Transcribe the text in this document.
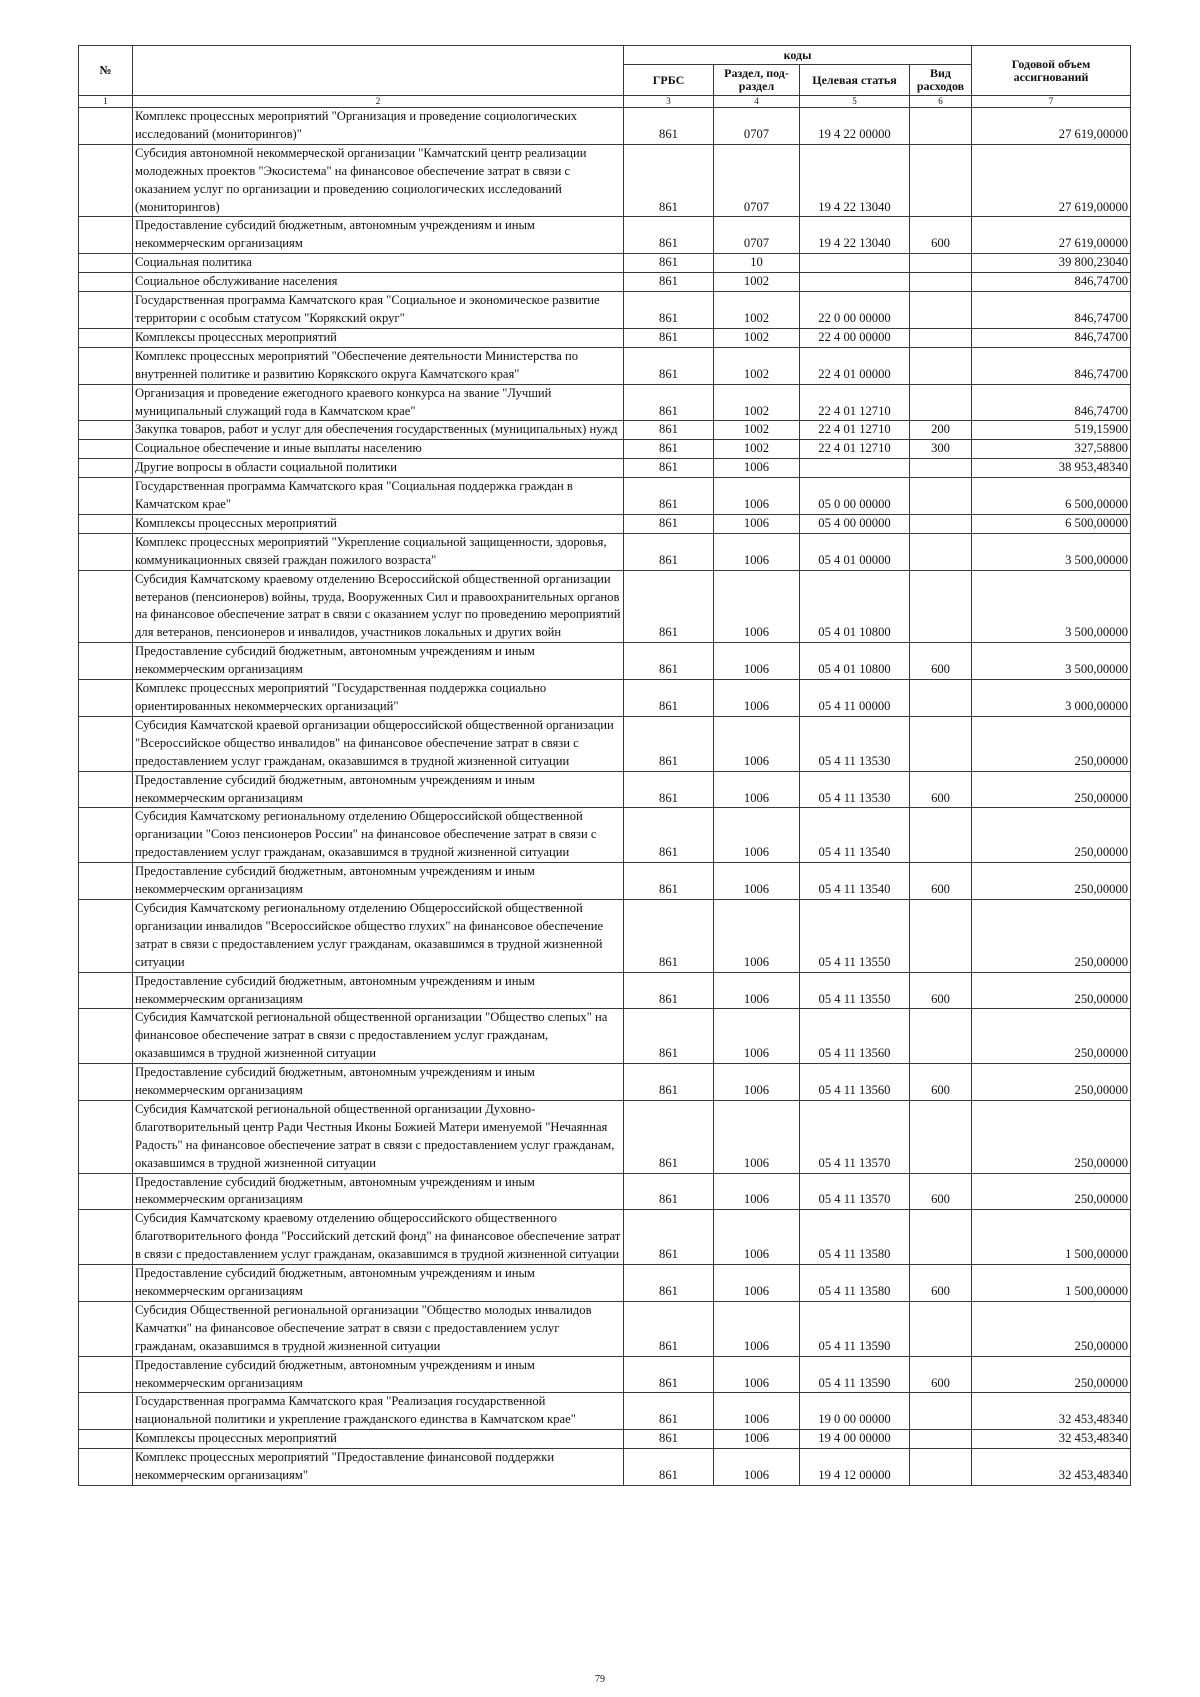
№		коды				Годовой объем ассигнований
		ГРБС	Раздел, под-раздел	Целевая статья	Вид расходов	
1	2	3	4	5	6	7
	Комплекс процессных мероприятий "Организация и проведение социологических исследований (мониторингов)"	861	0707	19 4 22 00000		27 619,00000
	Субсидия автономной некоммерческой организации "Камчатский центр реализации молодежных проектов "Экосистема" на финансовое обеспечение затрат в связи с оказанием услуг по организации и проведению социологических исследований (мониторингов)	861	0707	19 4 22 13040		27 619,00000
	Предоставление субсидий бюджетным, автономным учреждениям и иным некоммерческим организациям	861	0707	19 4 22 13040	600	27 619,00000
	Социальная политика	861	10			39 800,23040
	Социальное обслуживание населения	861	1002			846,74700
	Государственная программа Камчатского края "Социальное и экономическое развитие территории с особым статусом "Корякский округ"	861	1002	22 0 00 00000		846,74700
	Комплексы процессных мероприятий	861	1002	22 4 00 00000		846,74700
	Комплекс процессных мероприятий "Обеспечение деятельности Министерства по внутренней политике и развитию Корякского округа Камчатского края"	861	1002	22 4 01 00000		846,74700
	Организация и проведение ежегодного краевого конкурса на звание "Лучший муниципальный служащий года в Камчатском крае"	861	1002	22 4 01 12710		846,74700
	Закупка товаров, работ и услуг для обеспечения государственных (муниципальных) нужд	861	1002	22 4 01 12710	200	519,15900
	Социальное обеспечение и иные выплаты населению	861	1002	22 4 01 12710	300	327,58800
	Другие вопросы в области социальной политики	861	1006			38 953,48340
	Государственная программа Камчатского края "Социальная поддержка граждан в Камчатском крае"	861	1006	05 0 00 00000		6 500,00000
	Комплексы процессных мероприятий	861	1006	05 4 00 00000		6 500,00000
	Комплекс процессных мероприятий "Укрепление социальной защищенности, здоровья, коммуникационных связей граждан пожилого возраста"	861	1006	05 4 01 00000		3 500,00000
	Субсидия Камчатскому краевому отделению Всероссийской общественной организации ветеранов (пенсионеров) войны, труда, Вооруженных Сил и правоохранительных органов на финансовое обеспечение затрат в связи с оказанием услуг по проведению мероприятий для ветеранов, пенсионеров и инвалидов, участников локальных и других войн	861	1006	05 4 01 10800		3 500,00000
	Предоставление субсидий бюджетным, автономным учреждениям и иным некоммерческим организациям	861	1006	05 4 01 10800	600	3 500,00000
	Комплекс процессных мероприятий "Государственная поддержка социально ориентированных некоммерческих организаций"	861	1006	05 4 11 00000		3 000,00000
	Субсидия Камчатской краевой организации общероссийской общественной организации "Всероссийское общество инвалидов" на финансовое обеспечение затрат в связи с предоставлением услуг гражданам, оказавшимся в трудной жизненной ситуации	861	1006	05 4 11 13530		250,00000
	Предоставление субсидий бюджетным, автономным учреждениям и иным некоммерческим организациям	861	1006	05 4 11 13530	600	250,00000
	Субсидия Камчатскому региональному отделению Общероссийской общественной организации "Союз пенсионеров России" на финансовое обеспечение затрат в связи с предоставлением услуг гражданам, оказавшимся в трудной жизненной ситуации	861	1006	05 4 11 13540		250,00000
	Предоставление субсидий бюджетным, автономным учреждениям и иным некоммерческим организациям	861	1006	05 4 11 13540	600	250,00000
	Субсидия Камчатскому региональному отделению Общероссийской общественной организации инвалидов "Всероссийское общество глухих" на финансовое обеспечение затрат в связи с предоставлением услуг гражданам, оказавшимся в трудной жизненной ситуации	861	1006	05 4 11 13550		250,00000
	Предоставление субсидий бюджетным, автономным учреждениям и иным некоммерческим организациям	861	1006	05 4 11 13550	600	250,00000
	Субсидия Камчатской региональной общественной организации "Общество слепых" на финансовое обеспечение затрат в связи с предоставлением услуг гражданам, оказавшимся в трудной жизненной ситуации	861	1006	05 4 11 13560		250,00000
	Предоставление субсидий бюджетным, автономным учреждениям и иным некоммерческим организациям	861	1006	05 4 11 13560	600	250,00000
	Субсидия Камчатской региональной общественной организации Духовно-благотворительный центр Ради Честныя Иконы Божией Матери именуемой "Нечаянная Радость" на финансовое обеспечение затрат в связи с предоставлением услуг гражданам, оказавшимся в трудной жизненной ситуации	861	1006	05 4 11 13570		250,00000
	Предоставление субсидий бюджетным, автономным учреждениям и иным некоммерческим организациям	861	1006	05 4 11 13570	600	250,00000
	Субсидия Камчатскому краевому отделению общероссийского общественного благотворительного фонда "Российский детский фонд" на финансовое обеспечение затрат в связи с предоставлением услуг гражданам, оказавшимся в трудной жизненной ситуации	861	1006	05 4 11 13580		1 500,00000
	Предоставление субсидий бюджетным, автономным учреждениям и иным некоммерческим организациям	861	1006	05 4 11 13580	600	1 500,00000
	Субсидия Общественной региональной организации "Общество молодых инвалидов Камчатки" на финансовое обеспечение затрат в связи с предоставлением услуг гражданам, оказавшимся в трудной жизненной ситуации	861	1006	05 4 11 13590		250,00000
	Предоставление субсидий бюджетным, автономным учреждениям и иным некоммерческим организациям	861	1006	05 4 11 13590	600	250,00000
	Государственная программа Камчатского края "Реализация государственной национальной политики и укрепление гражданского единства в Камчатском крае"	861	1006	19 0 00 00000		32 453,48340
	Комплексы процессных мероприятий	861	1006	19 4 00 00000		32 453,48340
	Комплекс процессных мероприятий "Предоставление финансовой поддержки некоммерческим организациям"	861	1006	19 4 12 00000		32 453,48340
79
